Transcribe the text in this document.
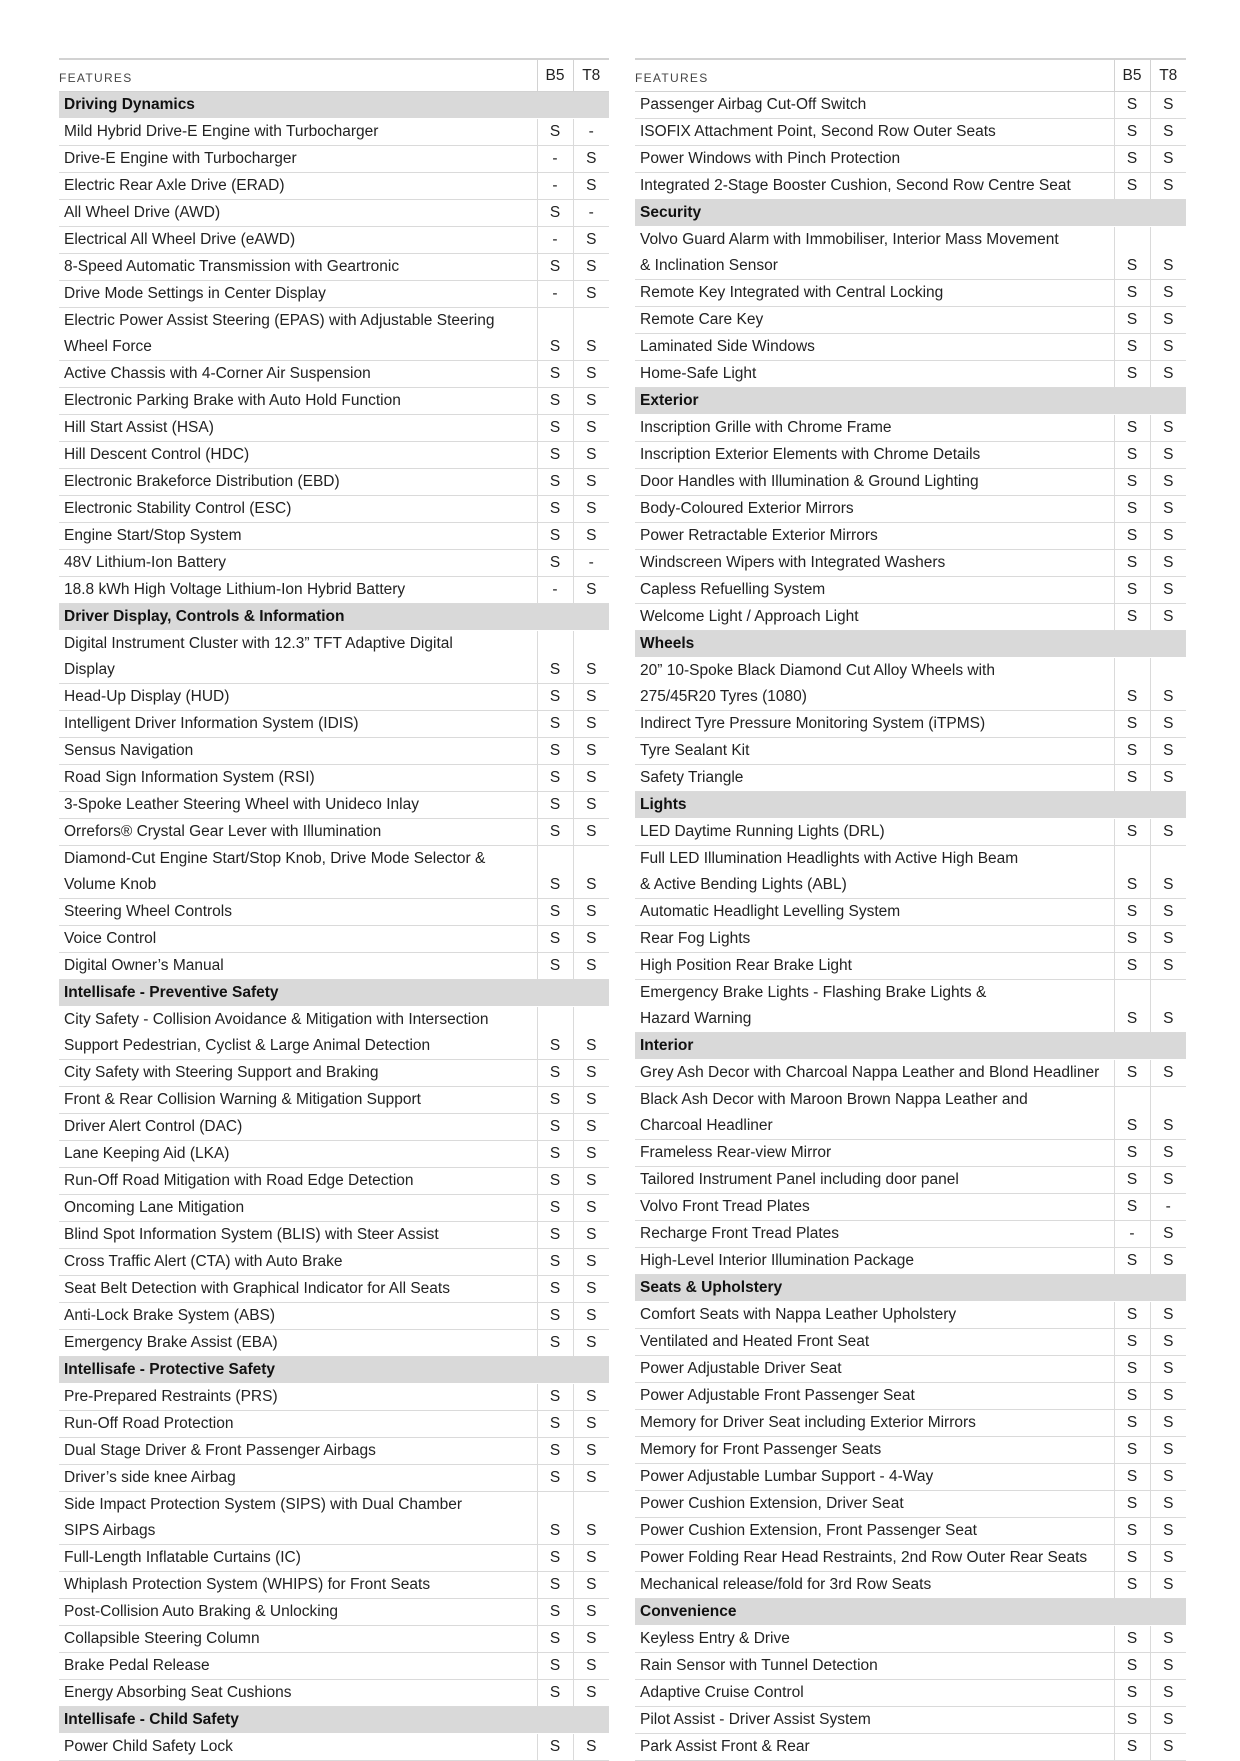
FEATURES	B5	T8
Driving Dynamics		

Mild Hybrid Drive-E Engine with Turbocharger	S	-

Drive-E Engine with Turbocharger	-	S

Electric Rear Axle Drive (ERAD)	-	S

All Wheel Drive (AWD)	S	-

Electrical All Wheel Drive (eAWD)	-	S

8-Speed Automatic Transmission with Geartronic	S	S

Drive Mode Settings in Center Display	-	S

Electric Power Assist Steering (EPAS) with Adjustable Steering
Wheel Force	S	S

Active Chassis with 4-Corner Air Suspension	S	S

Electronic Parking Brake with Auto Hold Function	S	S

Hill Start Assist (HSA)	S	S

Hill Descent Control (HDC)	S	S

Electronic Brakeforce Distribution (EBD)	S	S

Electronic Stability Control (ESC)	S	S

Engine Start/Stop System	S	S

48V Lithium-Ion Battery	S	-

18.8 kWh High Voltage Lithium-Ion Hybrid Battery	-	S
Driver Display, Controls & Information		

Digital Instrument Cluster with 12.3” TFT Adaptive Digital
Display	S	S

Head-Up Display (HUD)	S	S

Intelligent Driver Information System (IDIS)	S	S

Sensus Navigation	S	S

Road Sign Information System (RSI)	S	S

3-Spoke Leather Steering Wheel with Unideco Inlay	S	S

Orrefors® Crystal Gear Lever with Illumination	S	S

Diamond-Cut Engine Start/Stop Knob, Drive Mode Selector &
Volume Knob	S	S

Steering Wheel Controls	S	S

Voice Control	S	S

Digital Owner’s Manual	S	S
Intellisafe - Preventive Safety		

City Safety - Collision Avoidance & Mitigation with Intersection
Support Pedestrian, Cyclist & Large Animal Detection	S	S

City Safety with Steering Support and Braking	S	S

Front & Rear Collision Warning & Mitigation Support	S	S

Driver Alert Control (DAC)	S	S

Lane Keeping Aid (LKA)	S	S

Run-Off Road Mitigation with Road Edge Detection	S	S

Oncoming Lane Mitigation	S	S

Blind Spot Information System (BLIS) with Steer Assist	S	S

Cross Traffic Alert (CTA) with Auto Brake	S	S

Seat Belt Detection with Graphical Indicator for All Seats	S	S

Anti-Lock Brake System (ABS)	S	S

Emergency Brake Assist (EBA)	S	S
Intellisafe - Protective Safety		

Pre-Prepared Restraints (PRS)	S	S

Run-Off Road Protection	S	S

Dual Stage Driver & Front Passenger Airbags	S	S

Driver’s side knee Airbag	S	S

Side Impact Protection System (SIPS) with Dual Chamber
SIPS Airbags	S	S

Full-Length Inflatable Curtains (IC)	S	S

Whiplash Protection System (WHIPS) for Front Seats	S	S

Post-Collision Auto Braking & Unlocking	S	S

Collapsible Steering Column	S	S

Brake Pedal Release	S	S

Energy Absorbing Seat Cushions	S	S
Intellisafe - Child Safety		

Power Child Safety Lock	S	S
FEATURES	B5	T8

Passenger Airbag Cut-Off Switch	S	S

ISOFIX Attachment Point, Second Row Outer Seats	S	S

Power Windows with Pinch Protection	S	S

Integrated 2-Stage Booster Cushion, Second Row Centre Seat	S	S
Security		

Volvo Guard Alarm with Immobiliser, Interior Mass Movement
& Inclination Sensor	S	S

Remote Key Integrated with Central Locking	S	S

Remote Care Key	S	S

Laminated Side Windows	S	S

Home-Safe Light	S	S
Exterior		

Inscription Grille with Chrome Frame	S	S

Inscription Exterior Elements with Chrome Details	S	S

Door Handles with Illumination & Ground Lighting	S	S

Body-Coloured Exterior Mirrors	S	S

Power Retractable Exterior Mirrors	S	S

Windscreen Wipers with Integrated Washers	S	S

Capless Refuelling System	S	S

Welcome Light / Approach Light	S	S
Wheels		

20” 10-Spoke Black Diamond Cut Alloy Wheels with
275/45R20 Tyres (1080)	S	S

Indirect Tyre Pressure Monitoring System (iTPMS)	S	S

Tyre Sealant Kit	S	S

Safety Triangle	S	S
Lights		

LED Daytime Running Lights (DRL)	S	S

Full LED Illumination Headlights with Active High Beam
& Active Bending Lights (ABL)	S	S

Automatic Headlight Levelling System	S	S

Rear Fog Lights	S	S

High Position Rear Brake Light	S	S

Emergency Brake Lights - Flashing Brake Lights &
Hazard Warning	S	S
Interior		

Grey Ash Decor with Charcoal Nappa Leather and Blond Headliner	S	S

Black Ash Decor with Maroon Brown Nappa Leather and
Charcoal Headliner	S	S

Frameless Rear-view Mirror	S	S

Tailored Instrument Panel including door panel	S	S

Volvo Front Tread Plates	S	-

Recharge Front Tread Plates	-	S

High-Level Interior Illumination Package	S	S
Seats & Upholstery		

Comfort Seats with Nappa Leather Upholstery	S	S

Ventilated and Heated Front Seat	S	S

Power Adjustable Driver Seat	S	S

Power Adjustable Front Passenger Seat	S	S

Memory for Driver Seat including Exterior Mirrors	S	S

Memory for Front Passenger Seats	S	S

Power Adjustable Lumbar Support - 4-Way	S	S

Power Cushion Extension, Driver Seat	S	S

Power Cushion Extension, Front Passenger Seat	S	S

Power Folding Rear Head Restraints, 2nd Row Outer Rear Seats	S	S

Mechanical release/fold for 3rd Row Seats	S	S
Convenience		

Keyless Entry & Drive	S	S

Rain Sensor with Tunnel Detection	S	S

Adaptive Cruise Control	S	S

Pilot Assist - Driver Assist System	S	S

Park Assist Front & Rear	S	S
